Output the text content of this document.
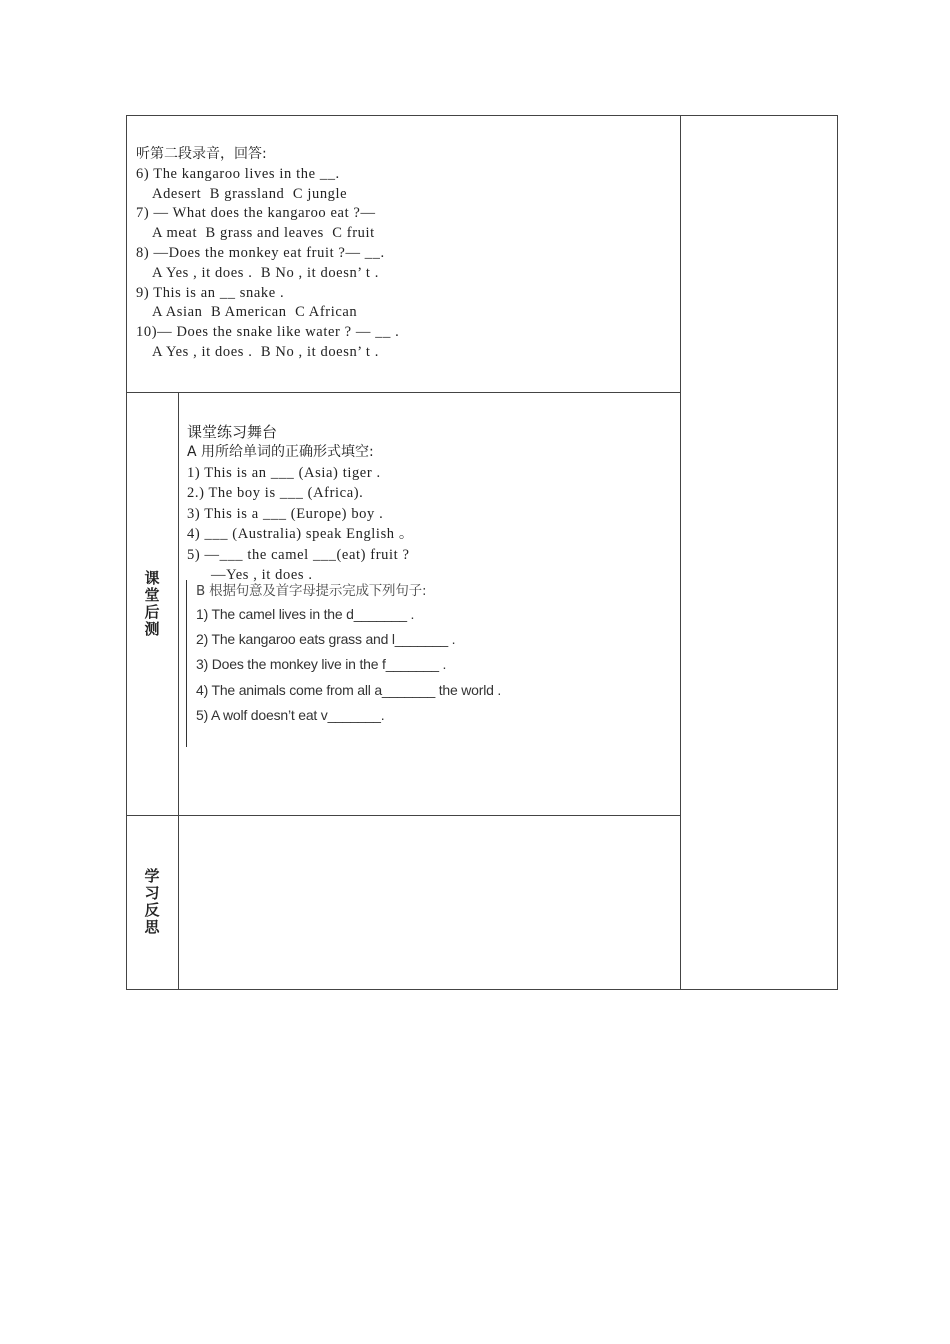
听第二段录音，回答:
6) The kangaroo lives in the __.
Adesert  B grassland  C jungle
7) — What does the kangaroo eat ?—
A meat  B grass and leaves  C fruit
8) —Does the monkey eat fruit ?— __.
A Yes , it does .  B No , it doesn’ t .
9) This is an __ snake .
A Asian  B American  C African
10)— Does the snake like water ? — __ .
A Yes , it does .  B No , it doesn’ t .
课
堂
后
测
课堂练习舞台
A 用所给单词的正确形式填空:
1) This is an ___ (Asia) tiger .
2.) The boy is ___ (Africa).
3) This is a ___ (Europe) boy .
4) ___ (Australia) speak English 。
5) —___ the camel ___(eat) fruit ?
—Yes , it does .
B 根据句意及首字母提示完成下列句子:
1) The camel lives in the d_______ .
2) The kangaroo eats grass and l_______ .
3) Does the monkey live in the f_______ .
4) The animals come from all a_______ the world .
5) A wolf doesn’t eat v_______.
学
习
反
思
